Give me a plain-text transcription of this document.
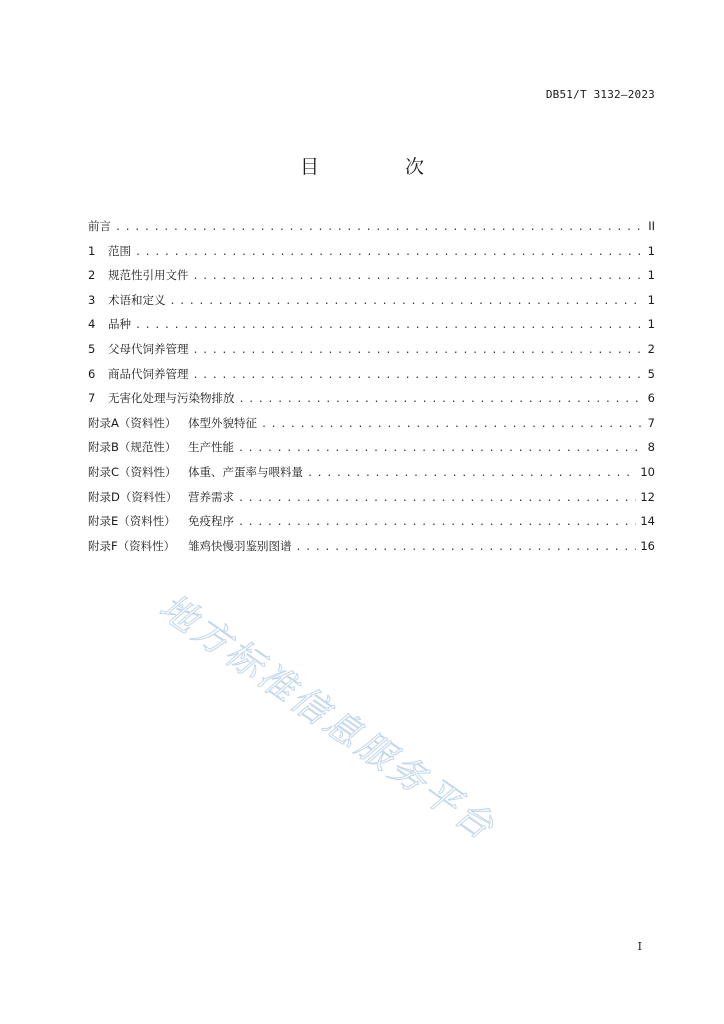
DB51/T 3132—2023
目 次
前言 . . .	II
1	范围 . . .	1
2	规范性引用文件 . . .	1
3	术语和定义 . . .	1
4	品种 . . .	1
5	父母代饲养管理 . . .	2
6	商品代饲养管理 . . .	5
7	无害化处理与污染物排放 . . .	6
附录A（资料性）	体型外貌特征 . . .	7
附录B（规范性）	生产性能 . . .	8
附录C（资料性） 体重、产蛋率与喂料量 . . .	10
附录D（资料性） 营养需求 . . .	12
附录E（资料性）	免疫程序 . . .	14
附录F（资料性）	雏鸡快慢羽鉴别图谱 . . .	16
地方标准信息服务平台
I
